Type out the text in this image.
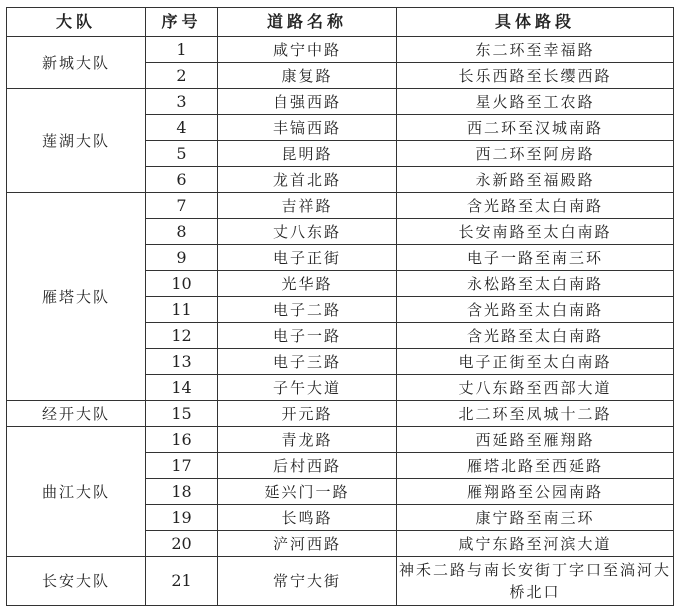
大队	序号	道路名称	具体路段
新城大队	1	咸宁中路	东二环至幸福路
	2	康复路	长乐西路至长缨西路
莲湖大队	3	自强西路	星火路至工农路
	4	丰镐西路	西二环至汉城南路
	5	昆明路	西二环至阿房路
	6	龙首北路	永新路至福殿路
雁塔大队	7	吉祥路	含光路至太白南路
	8	丈八东路	长安南路至太白南路
	9	电子正街	电子一路至南三环
	10	光华路	永松路至太白南路
	11	电子二路	含光路至太白南路
	12	电子一路	含光路至太白南路
	13	电子三路	电子正街至太白南路
	14	子午大道	丈八东路至西部大道
经开大队	15	开元路	北二环至凤城十二路
曲江大队	16	青龙路	西延路至雁翔路
	17	后村西路	雁塔北路至西延路
	18	延兴门一路	雁翔路至公园南路
	19	长鸣路	康宁路至南三环
	20	浐河西路	咸宁东路至河滨大道
长安大队	21	常宁大街	神禾二路与南长安街丁字口至滈河大桥北口
